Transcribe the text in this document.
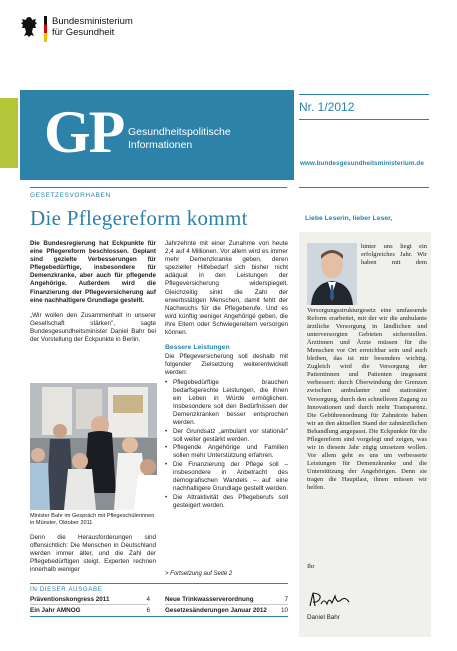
Bundesministerium
für Gesundheit
GP Gesundheitspolitische
Informationen
Nr. 1/2012
www.bundesgesundheitsministerium.de
GESETZESVORHABEN
Die Pflegereform kommt

Die Bundesregierung hat Eckpunkte für eine Pflegereform beschlossen. Geplant sind gezielte Verbesserungen für Pflegebedürftige, insbesondere für Demenzkranke, aber auch für pflegende Angehörige. Außerdem wird die Finanzierung der Pflegeversicherung auf eine nachhaltigere Grundlage gestellt.

„Wir wollen den Zusammenhalt in unserer Gesellschaft stärken", sagte Bundesgesundheitsminister Daniel Bahr bei der Vorstellung der Eckpunkte in Berlin.

Minister Bahr im Gespräch mit Pflegeschülerinnen in Münster, Oktober 2011

Denn die Herausforderungen sind offensichtlich: Die Menschen in Deutschland werden immer älter, und die Zahl der Pflegebedürftigen steigt. Experten rechnen innerhalb weniger

Jahrzehnte mit einer Zunahme von heute 2,4 auf 4 Millionen. Vor allem wird es immer mehr Demenzkranke geben, deren spezieller Hilfebedarf sich bisher nicht adäquat in den Leistungen der Pflegeversicherung widerspiegelt. Gleichzeitig sinkt die Zahl der erwerbstätigen Menschen, damit fehlt der Nachwuchs für die Pflegeberufe. Und es wird künftig weniger Angehörige geben, die ihre Eltern oder Schwiegereltern versorgen können.

Bessere Leistungen
Die Pflegeversicherung soll deshalb mit folgender Zielsetzung weiterentwickelt werden:
• Pflegebedürftige brauchen bedarfsgerechte Leistungen, die ihnen ein Leben in Würde ermöglichen. Insbesondere soll den Bedürfnissen der Demenzkranken besser entsprochen werden.
• Der Grundsatz „ambulant vor stationär" soll weiter gestärkt werden.
• Pflegende Angehörige und Familien sollen mehr Unterstützung erfahren.
• Die Finanzierung der Pflege soll – insbesondere in Anbetracht des demografischen Wandels – auf eine nachhaltigere Grundlage gestellt werden.
• Die Attraktivität des Pflegeberufs soll gesteigert werden.
> Fortsetzung auf Seite 2
IN DIESER AUSGABE
Präventionskongress 2011	4
Ein Jahr AMNOG	6
Neue Trinkwasserverordnung	7
Gesetzesänderungen Januar 2012	10
Liebe Leserin, lieber Leser,
hinter uns liegt ein erfolgreiches Jahr. Wir haben mit dem Versorgungsstrukturgesetz eine umfassende Reform erarbeitet, mit der wir die ambulante ärztliche Versorgung in ländlichen und unterversorgten Gebieten sicherstellen. Ärztinnen und Ärzte müssen für die Menschen vor Ort erreichbar sein und auch bleiben, das ist mir besonders wichtig. Zugleich wird die Versorgung der Patientinnen und Patienten insgesamt verbessert: durch Überwindung der Grenzen zwischen ambulanter und stationärer Versorgung, durch den schnelleren Zugang zu Innovationen und durch mehr Transparenz. Die Gebührenordnung für Zahnärzte haben wir an den aktuellen Stand der zahnärztlichen Behandlung angepasst. Die Eckpunkte für die Pflegereform sind vorgelegt und zeigen, was wir in diesem Jahr zügig umsetzen wollen. Vor allem geht es uns um verbesserte Leistungen für Demenzkranke und die Unterstützung der Angehörigen. Denn sie tragen die Hauptlast, ihnen müssen wir helfen.
Ihr
Daniel Bahr
